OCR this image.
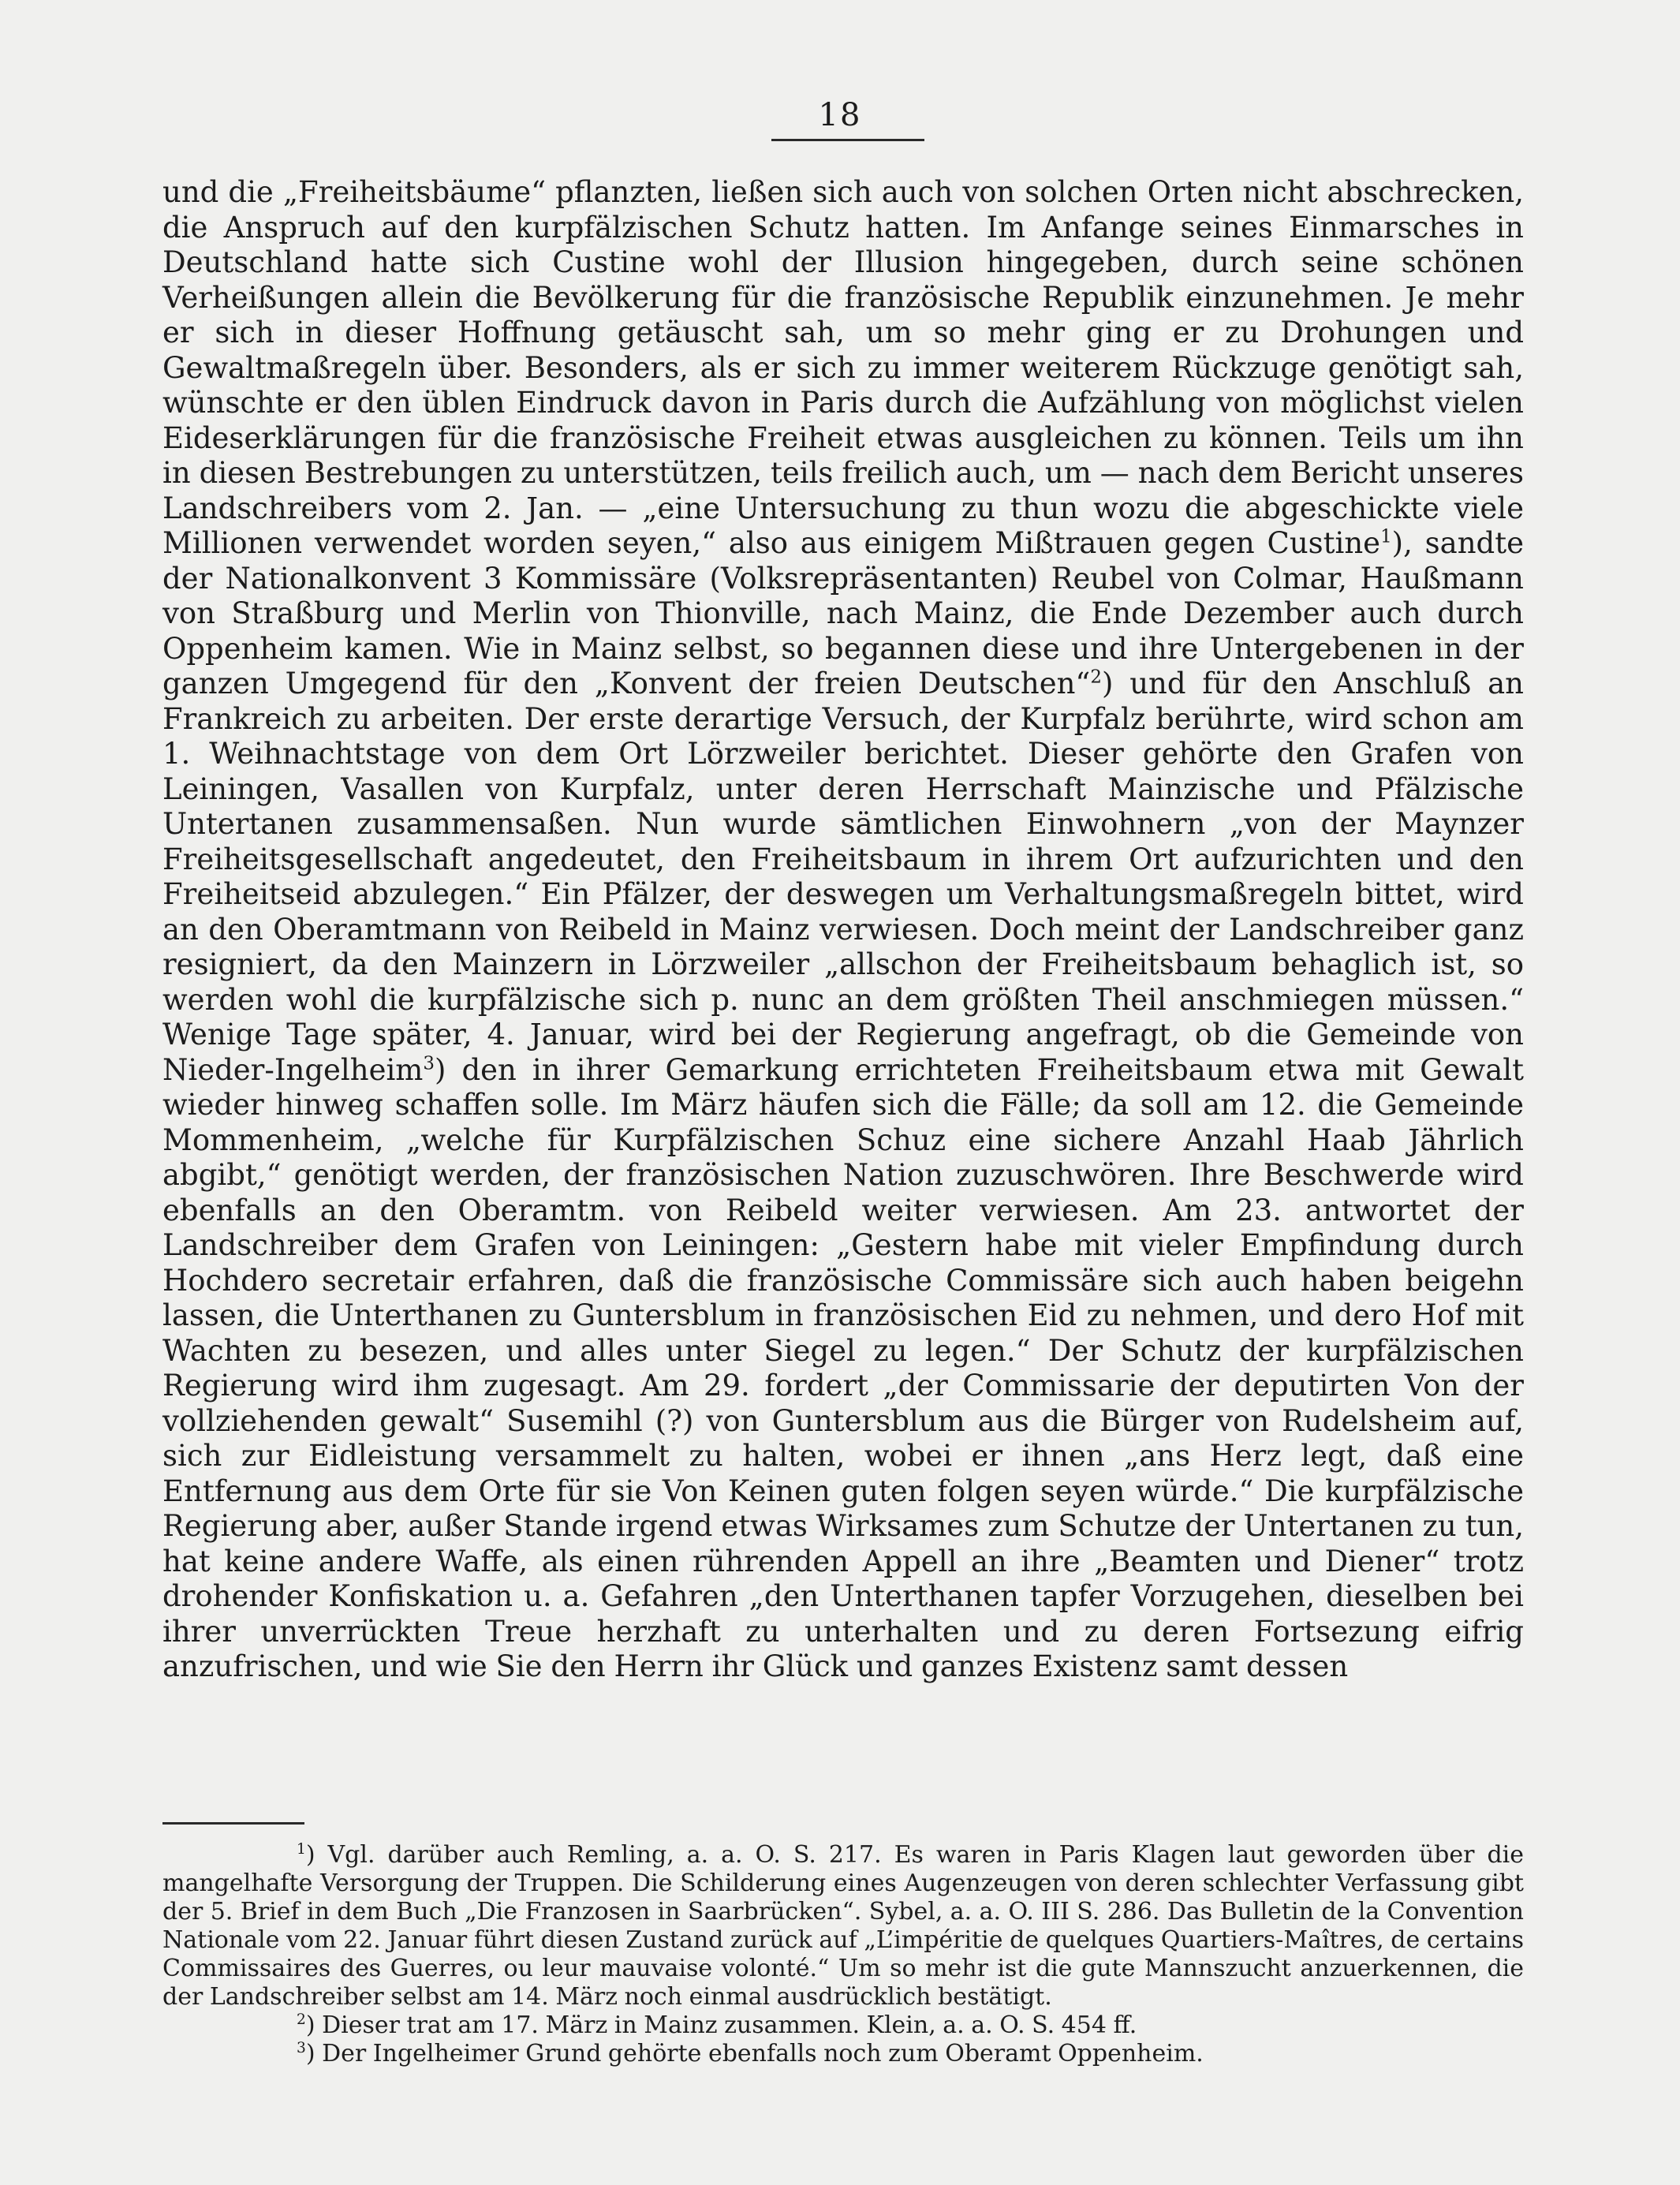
18

und die „Freiheitsbäume“ pflanzten, ließen sich auch von solchen Orten nicht abschrecken, die Anspruch auf den kurpfälzischen Schutz hatten. Im Anfange seines Einmarsches in Deutschland hatte sich Custine wohl der Illusion hingegeben, durch seine schönen Verheißungen allein die Bevölkerung für die französische Republik einzunehmen. Je mehr er sich in dieser Hoffnung getäuscht sah, um so mehr ging er zu Drohungen und Gewaltmaßregeln über. Besonders, als er sich zu immer weiterem Rückzuge genötigt sah, wünschte er den üblen Eindruck davon in Paris durch die Aufzählung von möglichst vielen Eideserklärungen für die französische Freiheit etwas ausgleichen zu können. Teils um ihn in diesen Bestrebungen zu unterstützen, teils freilich auch, um — nach dem Bericht unseres Landschreibers vom 2. Jan. — „eine Untersuchung zu thun wozu die abgeschickte viele Millionen verwendet worden seyen,“ also aus einigem Mißtrauen gegen Custine$^1$), sandte der Nationalkonvent 3 Kommissäre (Volksrepräsentanten) Reubel von Colmar, Haußmann von Straßburg und Merlin von Thionville, nach Mainz, die Ende Dezember auch durch Oppenheim kamen. Wie in Mainz selbst, so begannen diese und ihre Untergebenen in der ganzen Umgegend für den „Konvent der freien Deutschen“$^2$) und für den Anschluß an Frankreich zu arbeiten. Der erste derartige Versuch, der Kurpfalz berührte, wird schon am 1. Weihnachtstage von dem Ort Lörzweiler berichtet. Dieser gehörte den Grafen von Leiningen, Vasallen von Kurpfalz, unter deren Herrschaft Mainzische und Pfälzische Untertanen zusammensaßen. Nun wurde sämtlichen Einwohnern „von der Maynzer Freiheitsgesellschaft angedeutet, den Freiheitsbaum in ihrem Ort aufzurichten und den Freiheitseid abzulegen.“ Ein Pfälzer, der deswegen um Verhaltungsmaßregeln bittet, wird an den Oberamtmann von Reibeld in Mainz verwiesen. Doch meint der Landschreiber ganz resigniert, da den Mainzern in Lörzweiler „allschon der Freiheitsbaum behaglich ist, so werden wohl die kurpfälzische sich p. nunc an dem größten Theil anschmiegen müssen.“ Wenige Tage später, 4. Januar, wird bei der Regierung angefragt, ob die Gemeinde von Nieder-Ingelheim$^3$) den in ihrer Gemarkung errichteten Freiheitsbaum etwa mit Gewalt wieder hinweg schaffen solle. Im März häufen sich die Fälle; da soll am 12. die Gemeinde Mommenheim, „welche für Kurpfälzischen Schuz eine sichere Anzahl Haab Jährlich abgibt,“ genötigt werden, der französischen Nation zuzuschwören. Ihre Beschwerde wird ebenfalls an den Oberamtm. von Reibeld weiter verwiesen. Am 23. antwortet der Landschreiber dem Grafen von Leiningen: „Gestern habe mit vieler Empfindung durch Hochdero secretair erfahren, daß die französische Commissäre sich auch haben beigehn lassen, die Unterthanen zu Guntersblum in französischen Eid zu nehmen, und dero Hof mit Wachten zu besezen, und alles unter Siegel zu legen.“ Der Schutz der kurpfälzischen Regierung wird ihm zugesagt. Am 29. fordert „der Commissarie der deputirten Von der vollziehenden gewalt“ Susemihl (?) von Guntersblum aus die Bürger von Rudelsheim auf, sich zur Eidleistung versammelt zu halten, wobei er ihnen „ans Herz legt, daß eine Entfernung aus dem Orte für sie Von Keinen guten folgen seyen würde.“ Die kurpfälzische Regierung aber, außer Stande irgend etwas Wirksames zum Schutze der Untertanen zu tun, hat keine andere Waffe, als einen rührenden Appell an ihre „Beamten und Diener“ trotz drohender Konfiskation u. a. Gefahren „den Unterthanen tapfer Vorzugehen, dieselben bei ihrer unverrückten Treue herzhaft zu unterhalten und zu deren Fortsezung eifrig anzufrischen, und wie Sie den Herrn ihr Glück und ganzes Existenz samt dessen

$^1$) Vgl. darüber auch Remling, a. a. O. S. 217. Es waren in Paris Klagen laut geworden über die mangelhafte Versorgung der Truppen. Die Schilderung eines Augenzeugen von deren schlechter Verfassung gibt der 5. Brief in dem Buch „Die Franzosen in Saarbrücken“. Sybel, a. a. O. III S. 286. Das Bulletin de la Convention Nationale vom 22. Januar führt diesen Zustand zurück auf „L’impéritie de quelques Quartiers-Maîtres, de certains Commissaires des Guerres, ou leur mauvaise volonté.“ Um so mehr ist die gute Mannszucht anzuerkennen, die der Landschreiber selbst am 14. März noch einmal ausdrücklich bestätigt.

$^2$) Dieser trat am 17. März in Mainz zusammen. Klein, a. a. O. S. 454 ff.

$^3$) Der Ingelheimer Grund gehörte ebenfalls noch zum Oberamt Oppenheim.
